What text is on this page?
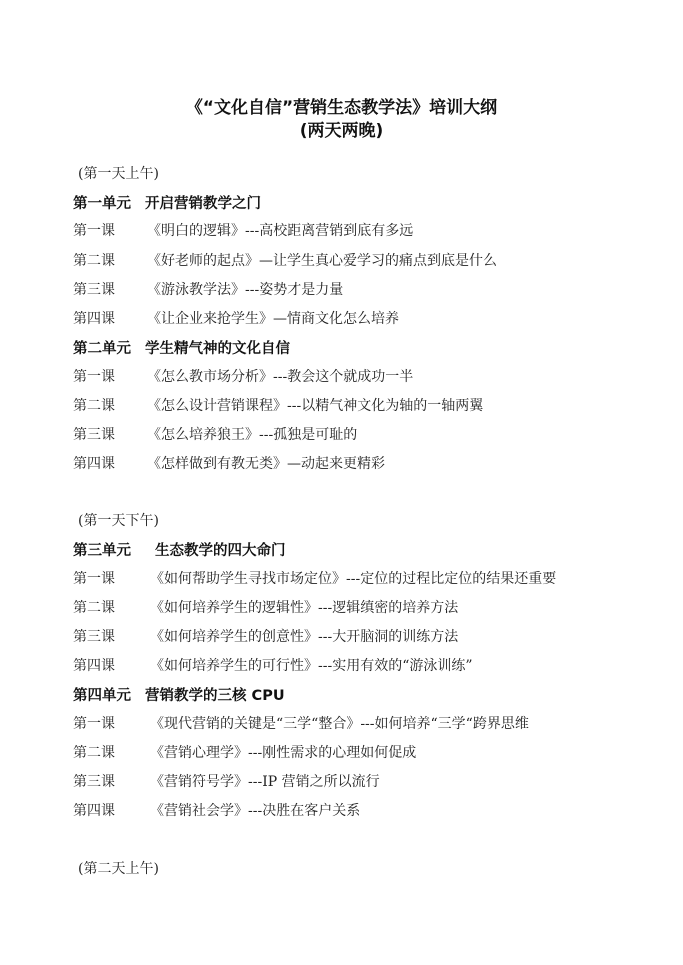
《“文化自信”营销生态教学法》培训大纲
(两天两晚)
(第一天上午)
第一单元 开启营销教学之门
第一课 《明白的逻辑》---高校距离营销到底有多远
第二课 《好老师的起点》—让学生真心爱学习的痛点到底是什么
第三课 《游泳教学法》---姿势才是力量
第四课 《让企业来抢学生》—情商文化怎么培养
第二单元 学生精气神的文化自信
第一课 《怎么教市场分析》---教会这个就成功一半
第二课 《怎么设计营销课程》---以精气神文化为轴的一轴两翼
第三课 《怎么培养狼王》---孤独是可耻的
第四课 《怎样做到有教无类》—动起来更精彩
(第一天下午)
第三单元 生态教学的四大命门
第一课	《如何帮助学生寻找市场定位》---定位的过程比定位的结果还重要
第二课	《如何培养学生的逻辑性》---逻辑缜密的培养方法
第三课	《如何培养学生的创意性》---大开脑洞的训练方法
第四课	《如何培养学生的可行性》---实用有效的“游泳训练”
第四单元 营销教学的三核 CPU
第一课	《现代营销的关键是“三学“整合》---如何培养“三学“跨界思维
第二课	《营销心理学》---刚性需求的心理如何促成
第三课	《营销符号学》---IP 营销之所以流行
第四课	《营销社会学》---决胜在客户关系
(第二天上午)
